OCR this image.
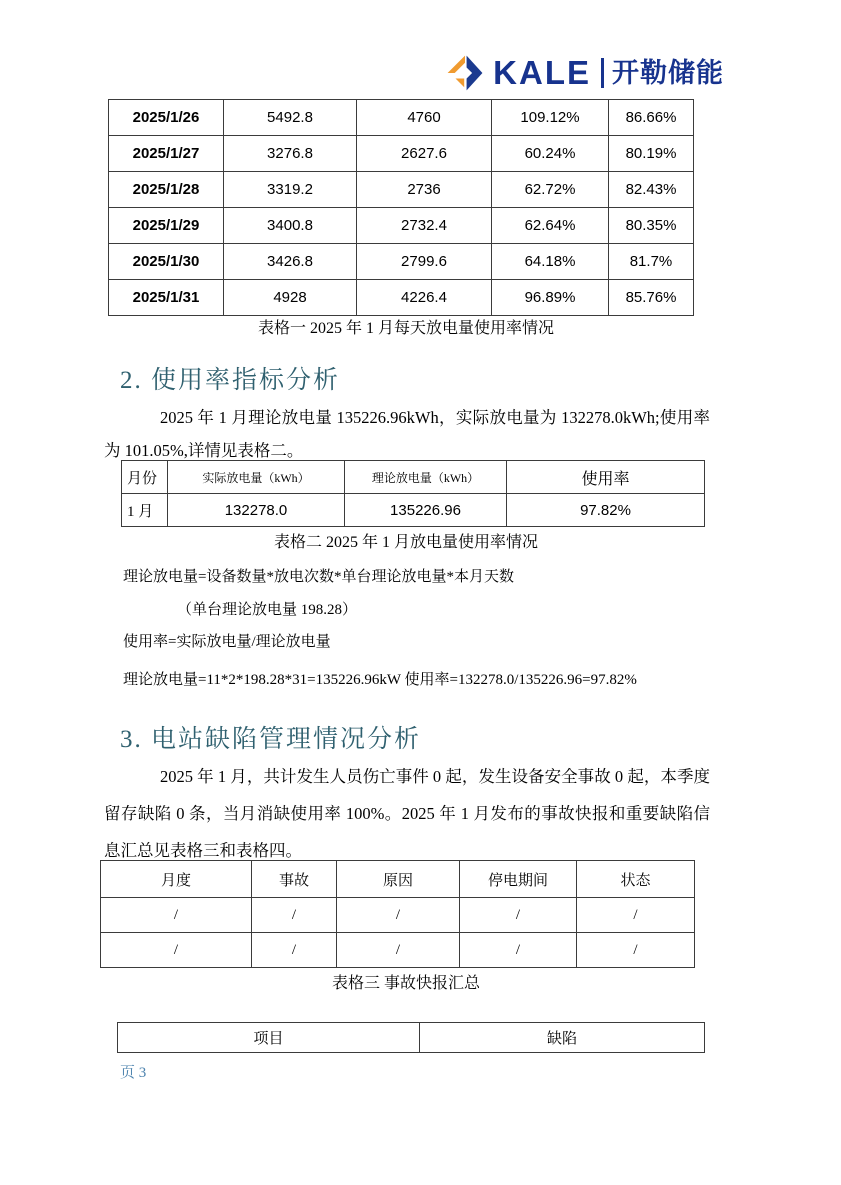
KALE 开勒储能
2025/1/26	5492.8	4760	109.12%	86.66%
2025/1/27	3276.8	2627.6	60.24%	80.19%
2025/1/28	3319.2	2736	62.72%	82.43%
2025/1/29	3400.8	2732.4	62.64%	80.35%
2025/1/30	3426.8	2799.6	64.18%	81.7%
2025/1/31	4928	4226.4	96.89%	85.76%
表格一 2025 年 1 月每天放电量使用率情况
2. 使用率指标分析

2025 年 1 月理论放电量 135226.96kWh，实际放电量为 132278.0kWh;使用率为 101.05%,详情见表格二。

月份	实际放电量（kWh）	理论放电量（kWh）	使用率
1 月	132278.0	135226.96	97.82%
表格二 2025 年 1 月放电量使用率情况
理论放电量=设备数量*放电次数*单台理论放电量*本月天数
（单台理论放电量 198.28）
使用率=实际放电量/理论放电量
理论放电量=11*2*198.28*31=135226.96kW 使用率=132278.0/135226.96=97.82%
3. 电站缺陷管理情况分析

2025 年 1 月，共计发生人员伤亡事件 0 起，发生设备安全事故 0 起，本季度留存缺陷 0 条，当月消缺使用率 100%。2025 年 1 月发布的事故快报和重要缺陷信息汇总见表格三和表格四。

月度	事故	原因	停电期间	状态
/	/	/	/	/
/	/	/	/	/
表格三 事故快报汇总
项目	缺陷
页 3
